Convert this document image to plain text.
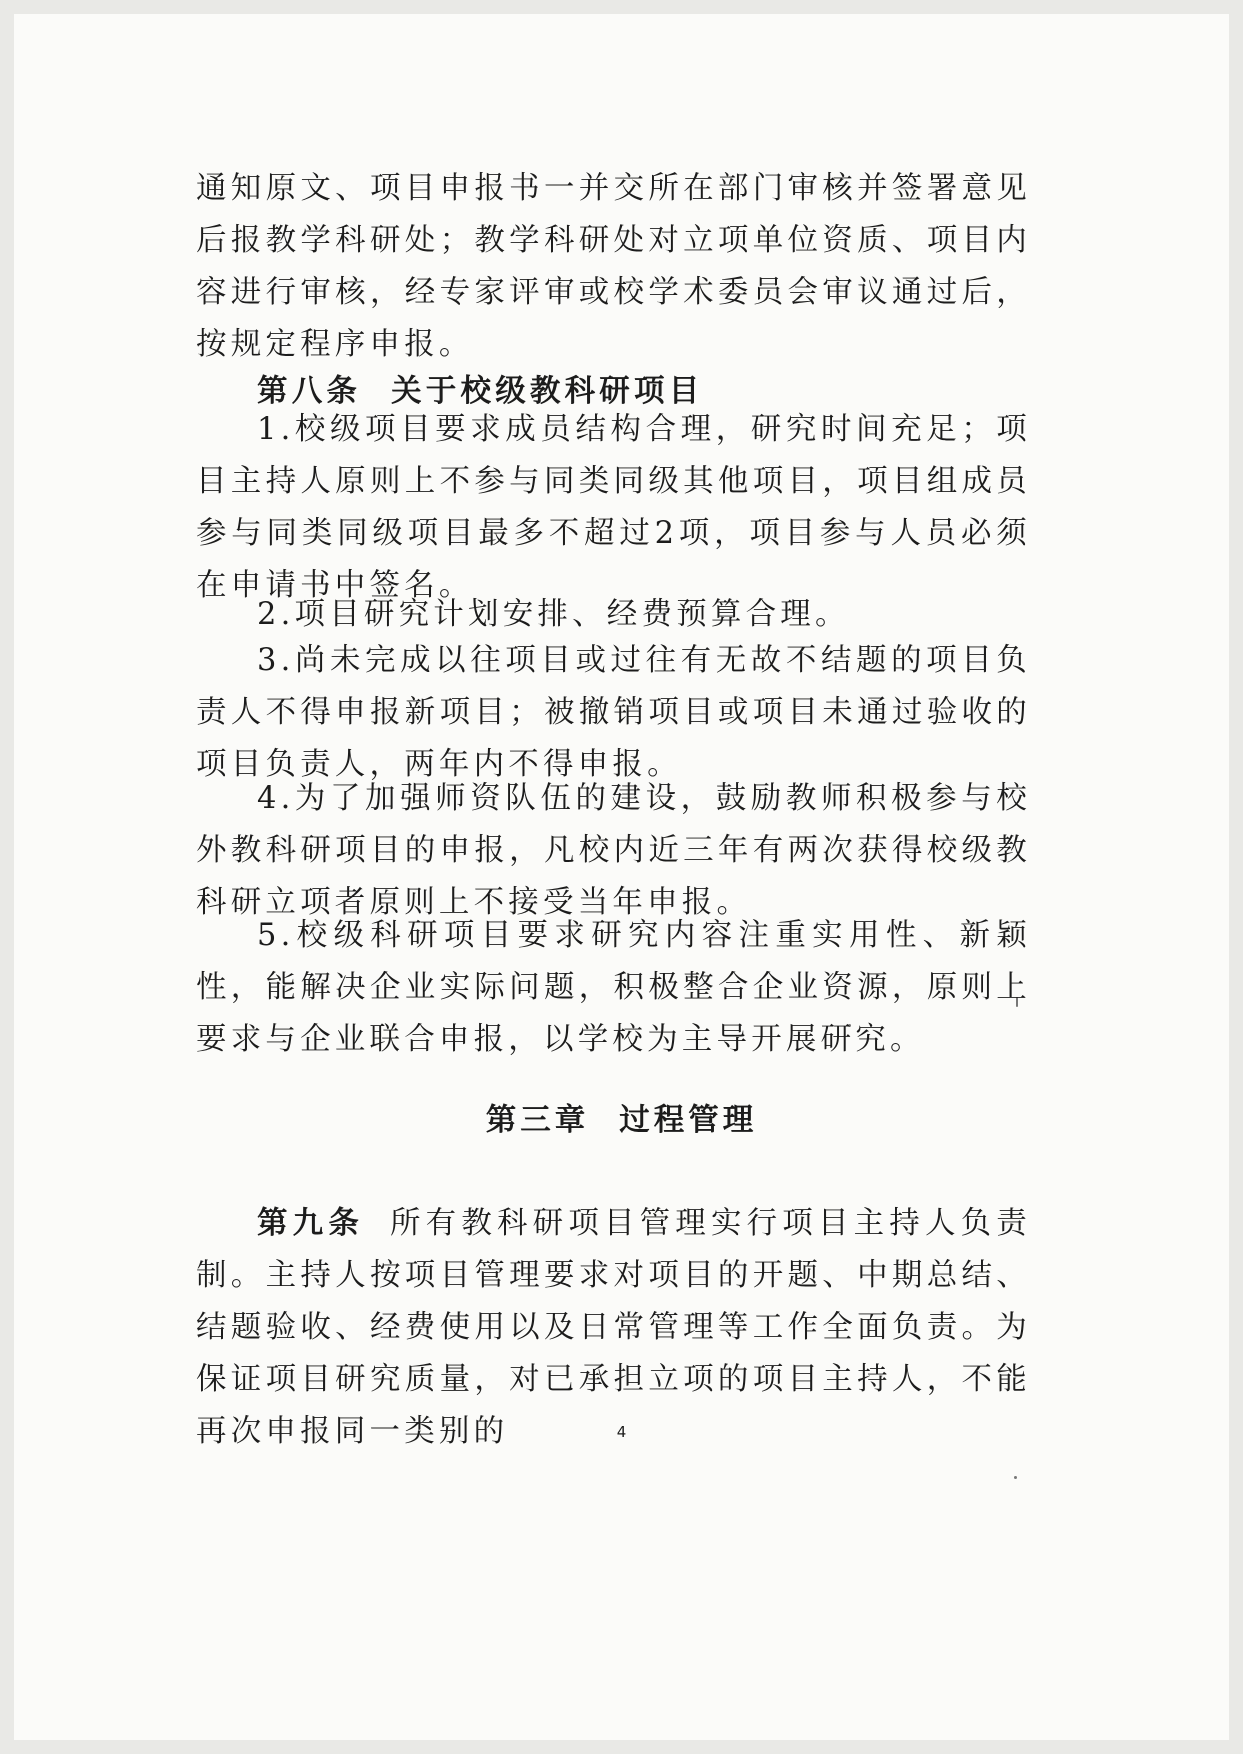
通知原文、项目申报书一并交所在部门审核并签署意见后报教学科研处；教学科研处对立项单位资质、项目内容进行审核，经专家评审或校学术委员会审议通过后，按规定程序申报。

第八条 关于校级教科研项目

1.校级项目要求成员结构合理，研究时间充足；项目主持人原则上不参与同类同级其他项目，项目组成员参与同类同级项目最多不超过2项，项目参与人员必须在申请书中签名。

2.项目研究计划安排、经费预算合理。

3.尚未完成以往项目或过往有无故不结题的项目负责人不得申报新项目；被撤销项目或项目未通过验收的项目负责人，两年内不得申报。

4.为了加强师资队伍的建设，鼓励教师积极参与校外教科研项目的申报，凡校内近三年有两次获得校级教科研立项者原则上不接受当年申报。

5.校级科研项目要求研究内容注重实用性、新颖性，能解决企业实际问题，积极整合企业资源，原则上要求与企业联合申报，以学校为主导开展研究。

第三章 过程管理

第九条 所有教科研项目管理实行项目主持人负责制。主持人按项目管理要求对项目的开题、中期总结、结题验收、经费使用以及日常管理等工作全面负责。为保证项目研究质量，对已承担立项的项目主持人，不能再次申报同一类别的	4
